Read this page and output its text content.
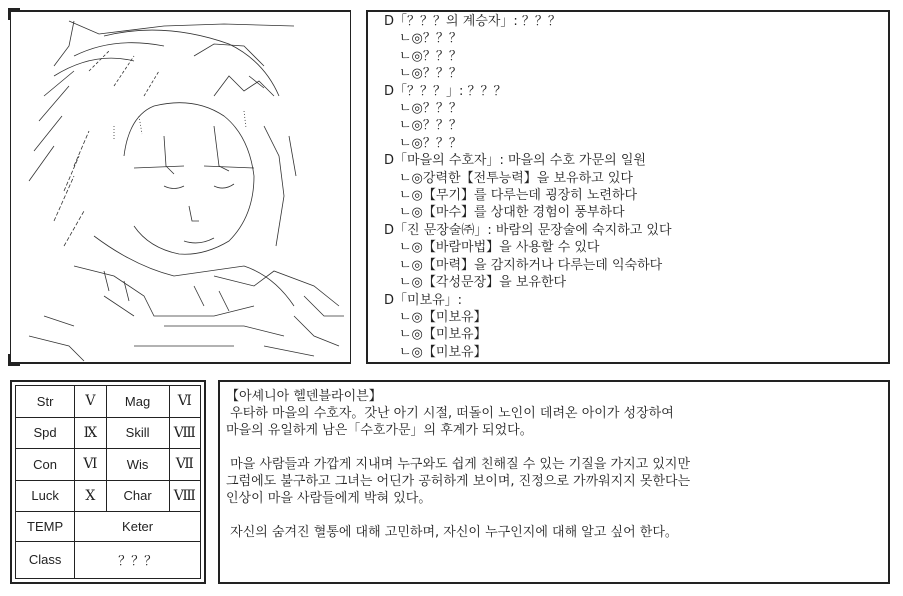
D「？？？의 계승자」: ？？？
ㄴ◎？？？
ㄴ◎？？？
ㄴ◎？？？
D「？？？」: ？？？
ㄴ◎？？？
ㄴ◎？？？
ㄴ◎？？？
D「마을의 수호자」: 마을의 수호 가문의 일원
ㄴ◎강력한【전투능력】을 보유하고 있다
ㄴ◎【무기】를 다루는데 굉장히 노련하다
ㄴ◎【마수】를 상대한 경험이 풍부하다
D「진 문장술㈜」: 바람의 문장술에 숙지하고 있다
ㄴ◎【바람마법】을 사용할 수 있다
ㄴ◎【마력】을 감지하거나 다루는데 익숙하다
ㄴ◎【각성문장】을 보유한다
D「미보유」:
ㄴ◎【미보유】
ㄴ◎【미보유】
ㄴ◎【미보유】
Str	Ⅴ	Mag	Ⅵ
Spd	Ⅸ	Skill	Ⅷ
Con	Ⅵ	Wis	Ⅶ
Luck	Ⅹ	Char	Ⅷ
TEMP	Keter		
Class	？？？		
【아셰니아 헬덴블라이븐】
우타하 마을의 수호자。갓난 아기 시절, 떠돌이 노인이 데려온 아이가 성장하여
마을의 유일하게 남은「수호가문」의 후계가 되었다。
마을 사람들과 가깝게 지내며 누구와도 쉽게 친해질 수 있는 기질을 가지고 있지만
그럼에도 불구하고 그녀는 어딘가 공허하게 보이며, 진정으로 가까워지지 못한다는
인상이 마을 사람들에게 박혀 있다。
자신의 숨겨진 혈통에 대해 고민하며, 자신이 누구인지에 대해 알고 싶어 한다。
